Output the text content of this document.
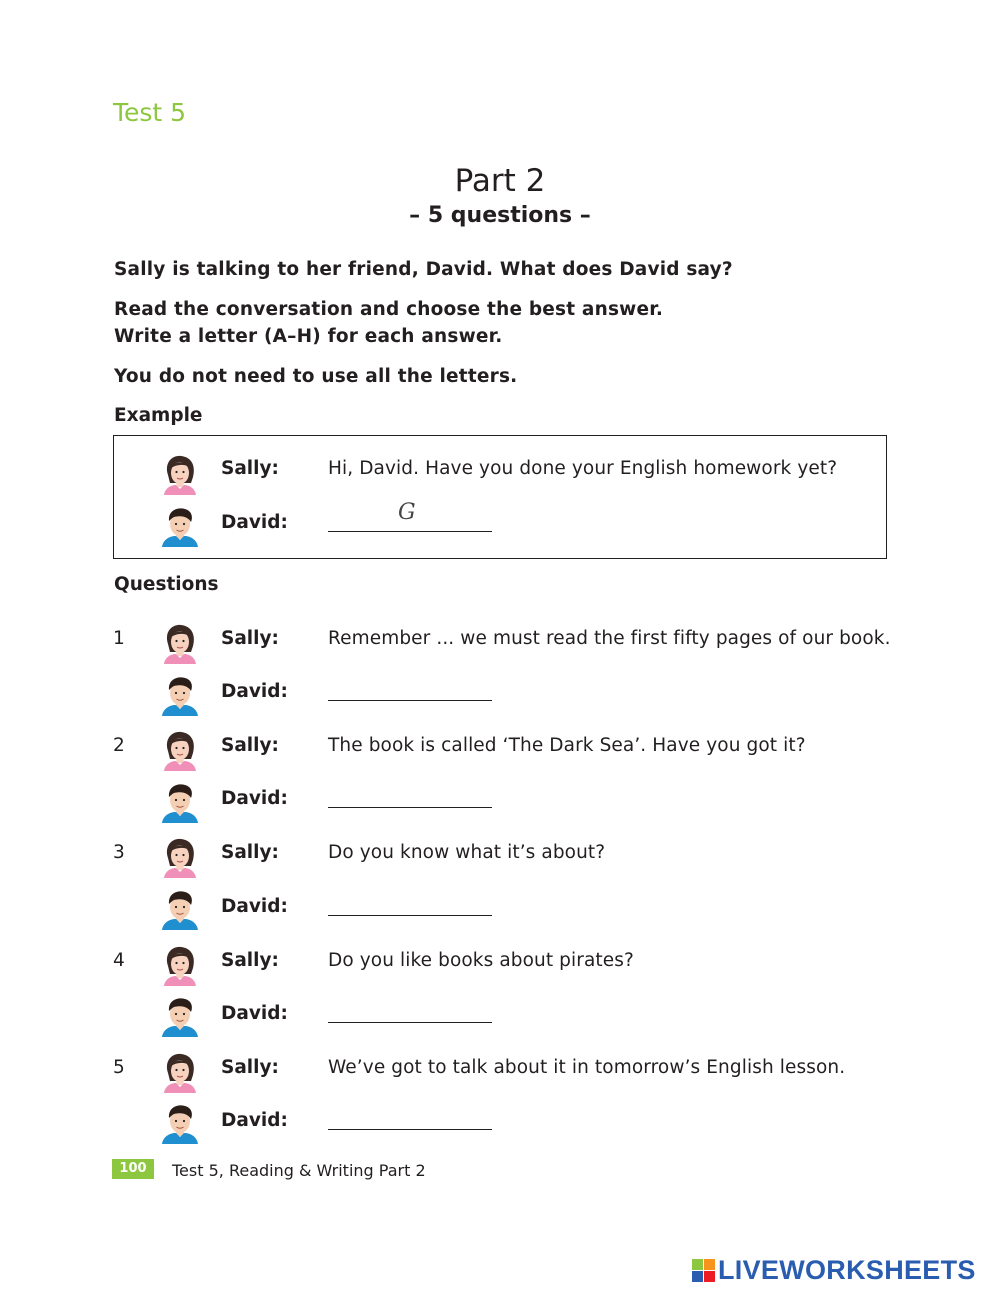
Test 5
Part 2
– 5 questions –
Sally is talking to her friend, David. What does David say?
Read the conversation and choose the best answer.
Write a letter (A–H) for each answer.
You do not need to use all the letters.
Example
Sally:	Hi, David. Have you done your English homework yet?
David:	G
Questions
1	Sally:	Remember ... we must read the first fifty pages of our book.
David:
2	Sally:	The book is called ‘The Dark Sea’. Have you got it?
David:
3	Sally:	Do you know what it’s about?
David:
4	Sally:	Do you like books about pirates?
David:
5	Sally:	We’ve got to talk about it in tomorrow’s English lesson.
David:
100	Test 5, Reading & Writing Part 2
LIVEWORKSHEETS
